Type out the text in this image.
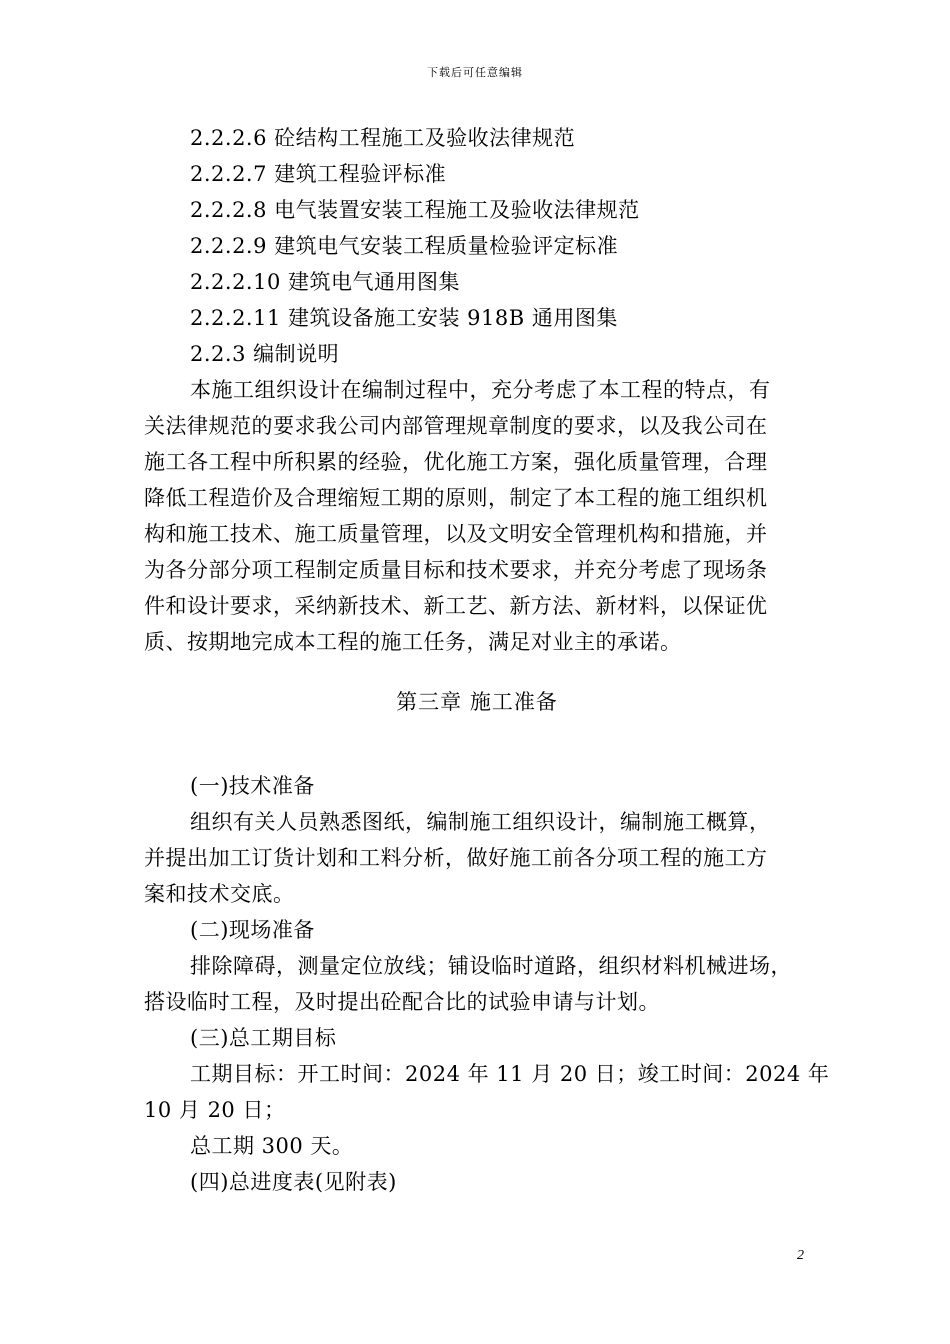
下载后可任意编辑

2.2.2.6 砼结构工程施工及验收法律规范

2.2.2.7 建筑工程验评标准

2.2.2.8 电气装置安装工程施工及验收法律规范

2.2.2.9 建筑电气安装工程质量检验评定标准

2.2.2.10 建筑电气通用图集

2.2.2.11 建筑设备施工安装 918B 通用图集

2.2.3 编制说明

本施工组织设计在编制过程中，充分考虑了本工程的特点，有

关法律规范的要求我公司内部管理规章制度的要求，以及我公司在

施工各工程中所积累的经验，优化施工方案，强化质量管理，合理

降低工程造价及合理缩短工期的原则，制定了本工程的施工组织机

构和施工技术、施工质量管理，以及文明安全管理机构和措施，并

为各分部分项工程制定质量目标和技术要求，并充分考虑了现场条

件和设计要求，采纳新技术、新工艺、新方法、新材料，以保证优

质、按期地完成本工程的施工任务，满足对业主的承诺。

第三章 施工准备

(一)技术准备

组织有关人员熟悉图纸，编制施工组织设计，编制施工概算，

并提出加工订货计划和工料分析，做好施工前各分项工程的施工方

案和技术交底。

(二)现场准备

排除障碍，测量定位放线；铺设临时道路，组织材料机械进场，

搭设临时工程，及时提出砼配合比的试验申请与计划。

(三)总工期目标

工期目标：开工时间：2024 年 11 月 20 日；竣工时间：2024 年

10 月 20 日；

总工期 300 天。

(四)总进度表(见附表)

2
